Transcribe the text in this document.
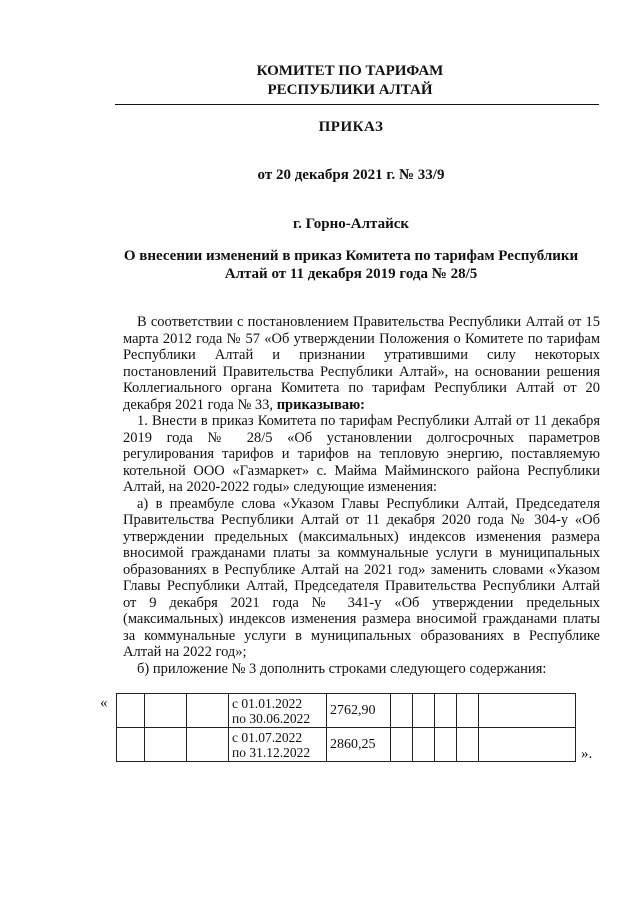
КОМИТЕТ ПО ТАРИФАМ
РЕСПУБЛИКИ АЛТАЙ
ПРИКАЗ
от 20 декабря 2021 г. № 33/9
г. Горно-Алтайск
О внесении изменений в приказ Комитета по тарифам Республики Алтай от 11 декабря 2019 года № 28/5

В соответствии с постановлением Правительства Республики Алтай от 15 марта 2012 года № 57 «Об утверждении Положения о Комитете по тарифам Республики Алтай и признании утратившими силу некоторых постановлений Правительства Республики Алтай», на основании решения Коллегиального органа Комитета по тарифам Республики Алтай от 20 декабря 2021 года № 33, приказываю:

1. Внести в приказ Комитета по тарифам Республики Алтай от 11 декабря 2019 года № 28/5 «Об установлении долгосрочных параметров регулирования тарифов и тарифов на тепловую энергию, поставляемую котельной ООО «Газмаркет» с. Майма Майминского района Республики Алтай, на 2020-2022 годы» следующие изменения:

а) в преамбуле слова «Указом Главы Республики Алтай, Председателя Правительства Республики Алтай от 11 декабря 2020 года № 304-у «Об утверждении предельных (максимальных) индексов изменения размера вносимой гражданами платы за коммунальные услуги в муниципальных образованиях в Республике Алтай на 2021 год» заменить словами «Указом Главы Республики Алтай, Председателя Правительства Республики Алтай от 9 декабря 2021 года № 341-у «Об утверждении предельных (максимальных) индексов изменения размера вносимой гражданами платы за коммунальные услуги в муниципальных образованиях в Республике Алтай на 2022 год»;

б) приложение № 3 дополнить строками следующего содержания:

«
				с 01.01.2022
по 30.06.2022	2762,90					
			с 01.07.2022
по 31.12.2022	2860,25					
».
